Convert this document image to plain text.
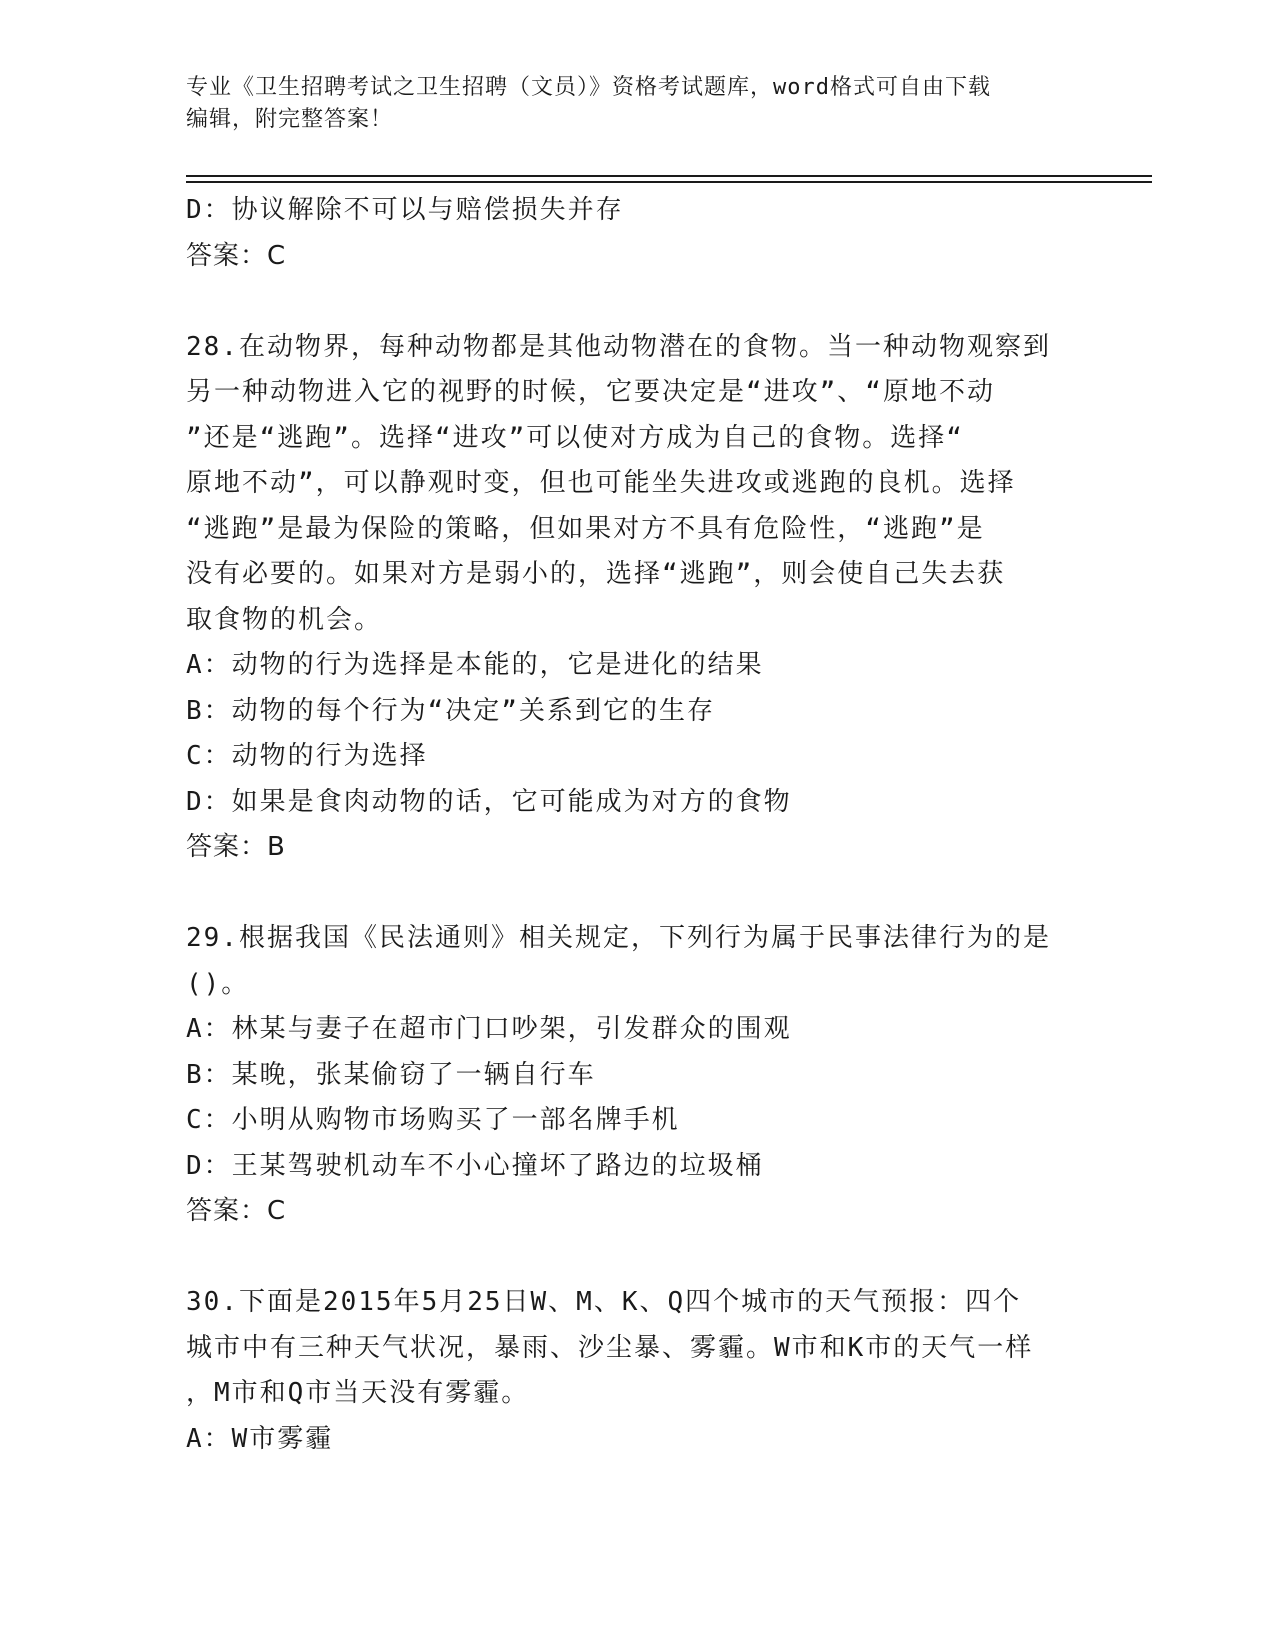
专业《卫生招聘考试之卫生招聘（文员）》资格考试题库，word格式可自由下载
编辑，附完整答案！
D：协议解除不可以与赔偿损失并存
答案：C
28.在动物界，每种动物都是其他动物潜在的食物。当一种动物观察到
另一种动物进入它的视野的时候，它要决定是“进攻”、“原地不动
”还是“逃跑”。选择“进攻”可以使对方成为自己的食物。选择“
原地不动”，可以静观时变，但也可能坐失进攻或逃跑的良机。选择
“逃跑”是最为保险的策略，但如果对方不具有危险性，“逃跑”是
没有必要的。如果对方是弱小的，选择“逃跑”，则会使自己失去获
取食物的机会。
A：动物的行为选择是本能的，它是进化的结果
B：动物的每个行为“决定”关系到它的生存
C：动物的行为选择
D：如果是食肉动物的话，它可能成为对方的食物
答案：B
29.根据我国《民法通则》相关规定，下列行为属于民事法律行为的是
()。
A：林某与妻子在超市门口吵架，引发群众的围观
B：某晚，张某偷窃了一辆自行车
C：小明从购物市场购买了一部名牌手机
D：王某驾驶机动车不小心撞坏了路边的垃圾桶
答案：C
30.下面是2015年5月25日W、M、K、Q四个城市的天气预报：四个
城市中有三种天气状况，暴雨、沙尘暴、雾霾。W市和K市的天气一样
，M市和Q市当天没有雾霾。
A：W市雾霾
